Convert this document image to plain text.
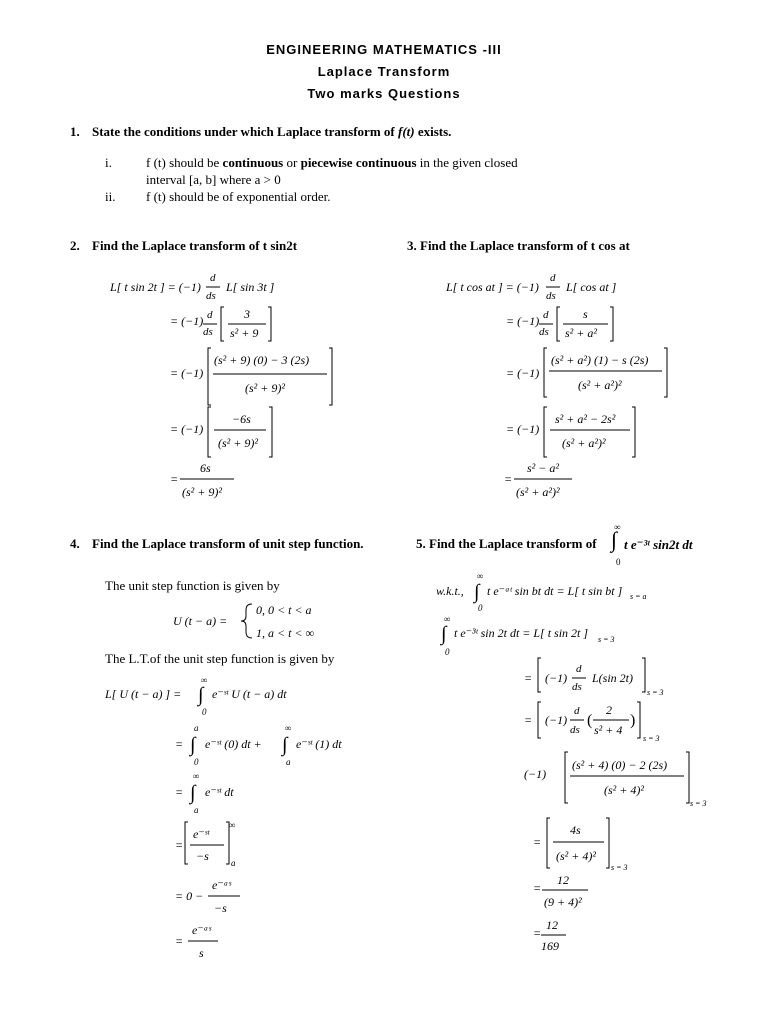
ENGINEERING MATHEMATICS -III
Laplace Transform
Two marks Questions
1. State the conditions under which Laplace transform of f(t) exists.
i.	f (t) should be continuous or piecewise continuous in the given closed
interval [a, b] where a > 0
ii. f (t) should be of exponential order.
2. Find the Laplace transform of t sin2t	3. Find the Laplace transform of t cos at
4. Find the Laplace transform of unit step function.	5. Find the Laplace transform of ∫
∞
0
t e⁻³ᵗ sin2t dt
The unit step function is given by
The L.T.of the unit step function is given by
L[ t sin 2t ] = (−1)
d
ds
L[ sin 3t ]
= (−1) d
ds
3
s² + 9
= (−1)
(s² + 9) (0) − 3 (2s)
(s² + 9)²
= (−1)
−6s
(s² + 9)²
=
6s
(s² + 9)²
L[ t cos at ] = (−1)
d
ds
L[ cos at ]
= (−1) d
ds
s
s² + a²
= (−1)
(s² + a²) (1) − s (2s)
(s² + a²)²
= (−1)
s² + a² − 2s²
(s² + a²)²
=
s² − a²
(s² + a²)²
U (t − a) =
0, 0 < t < a
1, a < t < ∞
L[ U (t − a) ] = ∫
∞
0
e⁻ˢᵗ U (t − a) dt
= ∫
a
0
e⁻ˢᵗ (0) dt + ∫
∞
a
e⁻ˢᵗ (1) dt
= ∫
∞
a
e⁻ˢᵗ dt
=
e⁻ˢᵗ
−s
∞
a
= 0 −
e⁻ᵃˢ
−s
=
e⁻ᵃˢ
s
w.k.t., ∫
∞
0
t e⁻ᵃᵗ sin bt dt = L[ t sin bt ] s = a
∫
∞
0
t e⁻³ᵗ sin 2t dt = L[ t sin 2t ] s = 3
= (−1)
d
ds
L(sin 2t)
s = 3
= (−1)
d
ds
(
2
s² + 4
)
s = 3
(−1)
(s² + 4) (0) − 2 (2s)
(s² + 4)²
s = 3
=
4s
(s² + 4)²
s = 3
=
12
(9 + 4)²
=
12
169
